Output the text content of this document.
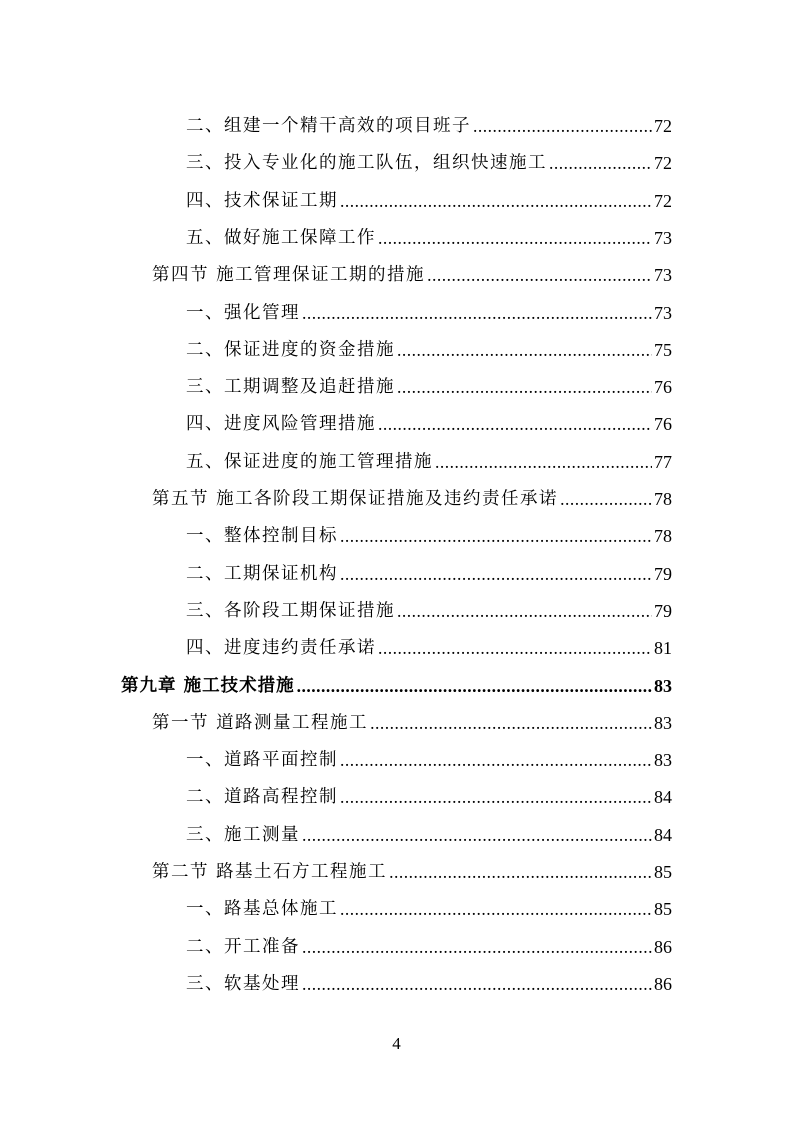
二、组建一个精干高效的项目班子 .....	72
三、投入专业化的施工队伍，组织快速施工 .....	72
四、技术保证工期 .....	72
五、做好施工保障工作 .....	73
第四节 施工管理保证工期的措施 .....	73
一、强化管理 .....	73
二、保证进度的资金措施 .....	75
三、工期调整及追赶措施 .....	76
四、进度风险管理措施 .....	76
五、保证进度的施工管理措施 .....	77
第五节 施工各阶段工期保证措施及违约责任承诺 .....	78
一、整体控制目标 .....	78
二、工期保证机构 .....	79
三、各阶段工期保证措施 .....	79
四、进度违约责任承诺 .....	81
第九章 施工技术措施 .....	83
第一节 道路测量工程施工 .....	83
一、道路平面控制 .....	83
二、道路高程控制 .....	84
三、施工测量 .....	84
第二节 路基土石方工程施工 .....	85
一、路基总体施工 .....	85
二、开工准备 .....	86
三、软基处理 .....	86
4
